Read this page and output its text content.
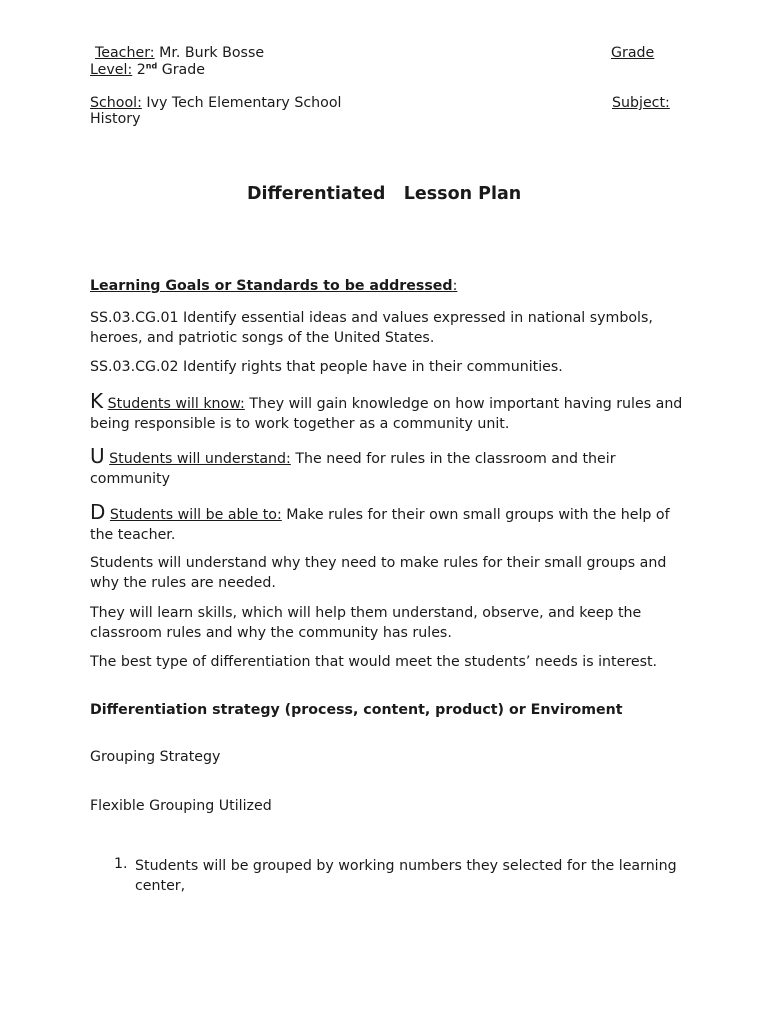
Teacher: Mr. Burk Bosse	Grade
Level: 2nd Grade
School: Ivy Tech Elementary School	Subject:
History
Differentiated   Lesson Plan
Learning Goals or Standards to be addressed:
SS.03.CG.01 Identify essential ideas and values expressed in national symbols, heroes, and patriotic songs of the United States.
SS.03.CG.02 Identify rights that people have in their communities.
K Students will know: They will gain knowledge on how important having rules and being responsible is to work together as a community unit.
U Students will understand: The need for rules in the classroom and their community
D Students will be able to: Make rules for their own small groups with the help of the teacher.
Students will understand why they need to make rules for their small groups and why the rules are needed.
They will learn skills, which will help them understand, observe, and keep the classroom rules and why the community has rules.
The best type of differentiation that would meet the students’ needs is interest.
Differentiation strategy (process, content, product) or Enviroment
Grouping Strategy
Flexible Grouping Utilized
1. Students will be grouped by working numbers they selected for the learning center,
